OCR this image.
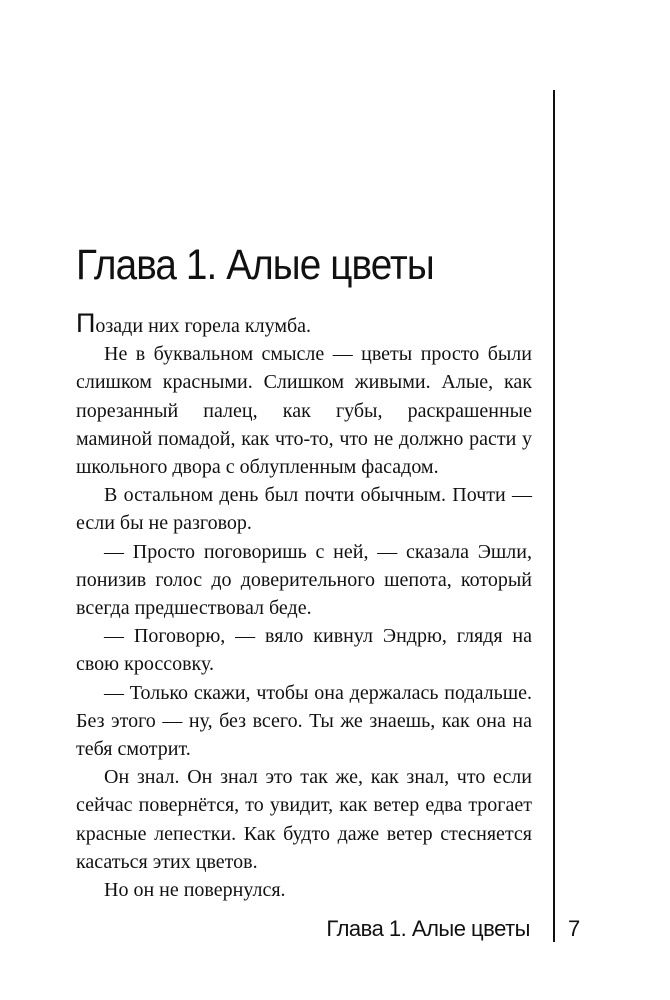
Глава 1. Алые цветы

Позади них горела клумба.

Не в буквальном смысле — цветы просто были слишком красными. Слишком живыми. Алые, как порезанный палец, как губы, раскрашенные маминой помадой, как что-то, что не должно расти у школьного двора с облупленным фасадом.

В остальном день был почти обычным. Почти — если бы не разговор.

— Просто поговоришь с ней, — сказала Эшли, понизив голос до доверительного шепота, который всегда предшествовал беде.

— Поговорю, — вяло кивнул Эндрю, глядя на свою кроссовку.

— Только скажи, чтобы она держалась подальше. Без этого — ну, без всего. Ты же знаешь, как она на тебя смотрит.

Он знал. Он знал это так же, как знал, что если сейчас повернётся, то увидит, как ветер едва трогает красные лепестки. Как будто даже ветер стесняется касаться этих цветов.

Но он не повернулся.

Глава 1. Алые цветы 7
